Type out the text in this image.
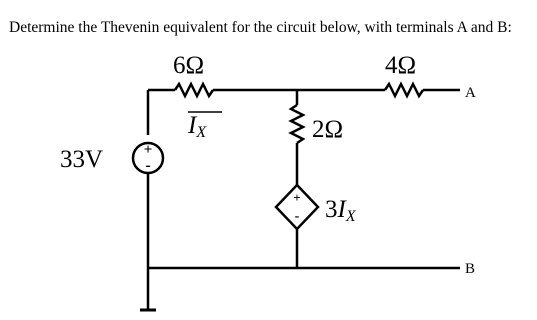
Determine the Thevenin equivalent for the circuit below, with terminals A and B:
6Ω	4Ω
2Ω
33V	+
-
IX
+
- 3IX
A
B
